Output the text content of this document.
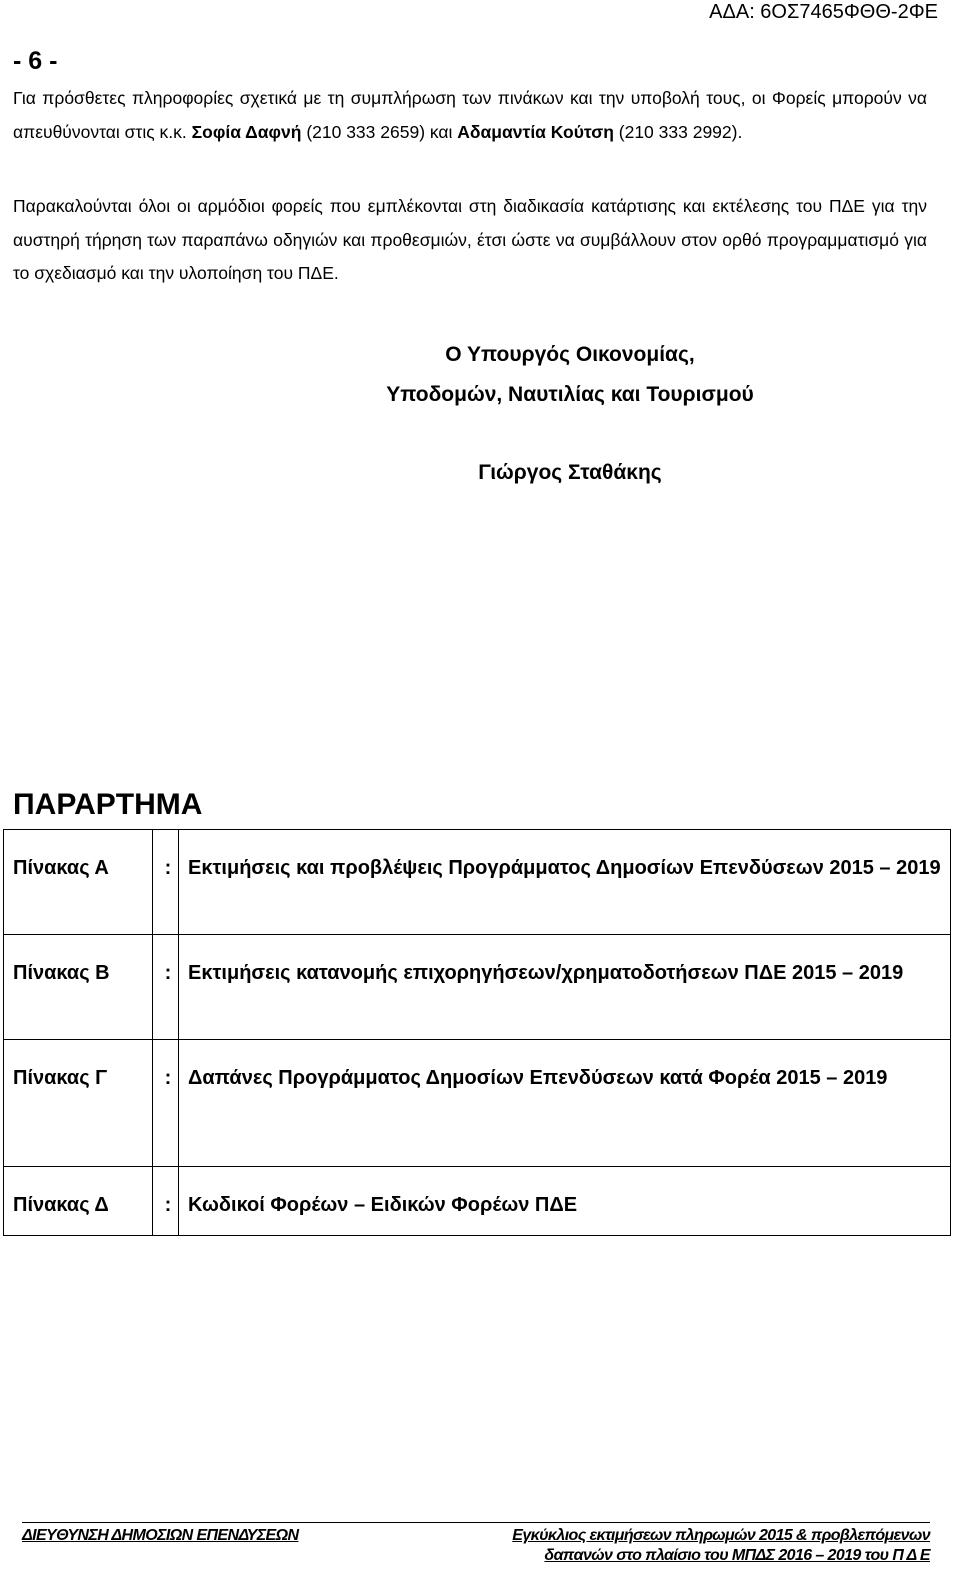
ΑΔΑ: 6ΟΣ7465ΦΘΘ-2ΦΕ
- 6 -
Για πρόσθετες πληροφορίες σχετικά με τη συμπλήρωση των πινάκων και την υποβολή τους, οι Φορείς μπορούν να απευθύνονται στις κ.κ. Σοφία Δαφνή (210 333 2659) και Αδαμαντία Κούτση (210 333 2992).
Παρακαλούνται όλοι οι αρμόδιοι φορείς που εμπλέκονται στη διαδικασία κατάρτισης και εκτέλεσης του ΠΔΕ για την αυστηρή τήρηση των παραπάνω οδηγιών και προθεσμιών, έτσι ώστε να συμβάλλουν στον ορθό προγραμματισμό για το σχεδιασμό και την υλοποίηση του ΠΔΕ.
Ο Υπουργός Οικονομίας,
Υποδομών, Ναυτιλίας και Τουρισμού
Γιώργος Σταθάκης
ΠΑΡΑΡΤΗΜΑ
Πίνακας Α	:	Εκτιμήσεις και προβλέψεις Προγράμματος Δημοσίων Επενδύσεων 2015 – 2019
Πίνακας Β	:	Εκτιμήσεις κατανομής επιχορηγήσεων/χρηματοδοτήσεων ΠΔΕ 2015 – 2019
Πίνακας Γ	:	Δαπάνες Προγράμματος Δημοσίων Επενδύσεων κατά Φορέα 2015 – 2019
Πίνακας Δ	:	Κωδικοί Φορέων – Ειδικών Φορέων ΠΔΕ
ΔΙΕΥΘΥΝΣΗ ΔΗΜΟΣΙΩΝ ΕΠΕΝΔΥΣΕΩΝ	Εγκύκλιος εκτιμήσεων πληρωμών 2015 & προβλεπόμενων
δαπανών στο πλαίσιο του ΜΠΔΣ 2016 – 2019 του Π Δ Ε
